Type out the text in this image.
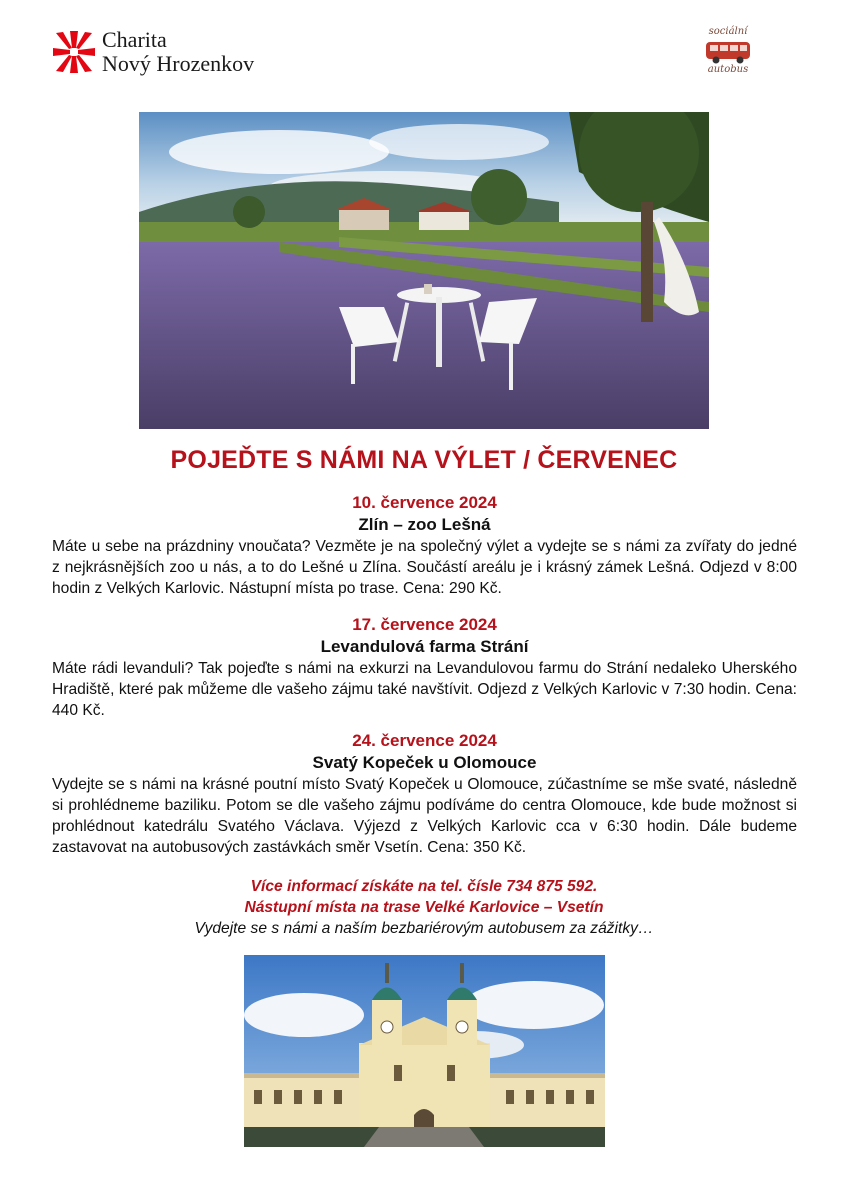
Charita
Nový Hrozenkov
sociální
autobus
POJEĎTE S NÁMI NA VÝLET / ČERVENEC
10. července 2024
Zlín – zoo Lešná
Máte u sebe na prázdniny vnoučata? Vezměte je na společný výlet a vydejte se s námi za zvířaty do jedné z nejkrásnějších zoo u nás, a to do Lešné u Zlína. Součástí areálu je i krásný zámek Lešná. Odjezd v 8:00 hodin z Velkých Karlovic. Nástupní místa po trase. Cena: 290 Kč.
17. července 2024
Levandulová farma Strání
Máte rádi levanduli? Tak pojeďte s námi na exkurzi na Levandulovou farmu do Strání nedaleko Uherského Hradiště, které pak můžeme dle vašeho zájmu také navštívit. Odjezd z Velkých Karlovic v 7:30 hodin. Cena: 440 Kč.
24. července 2024
Svatý Kopeček u Olomouce
Vydejte se s námi na krásné poutní místo Svatý Kopeček u Olomouce, zúčastníme se mše svaté, následně si prohlédneme baziliku. Potom se dle vašeho zájmu podíváme do centra Olomouce, kde bude možnost si prohlédnout katedrálu Svatého Václava. Výjezd z Velkých Karlovic cca v 6:30 hodin. Dále budeme zastavovat na autobusových zastávkách směr Vsetín. Cena: 350 Kč.
Více informací získáte na tel. čísle 734 875 592.
Nástupní místa na trase Velké Karlovice – Vsetín
Vydejte se s námi a naším bezbariérovým autobusem za zážitky…
